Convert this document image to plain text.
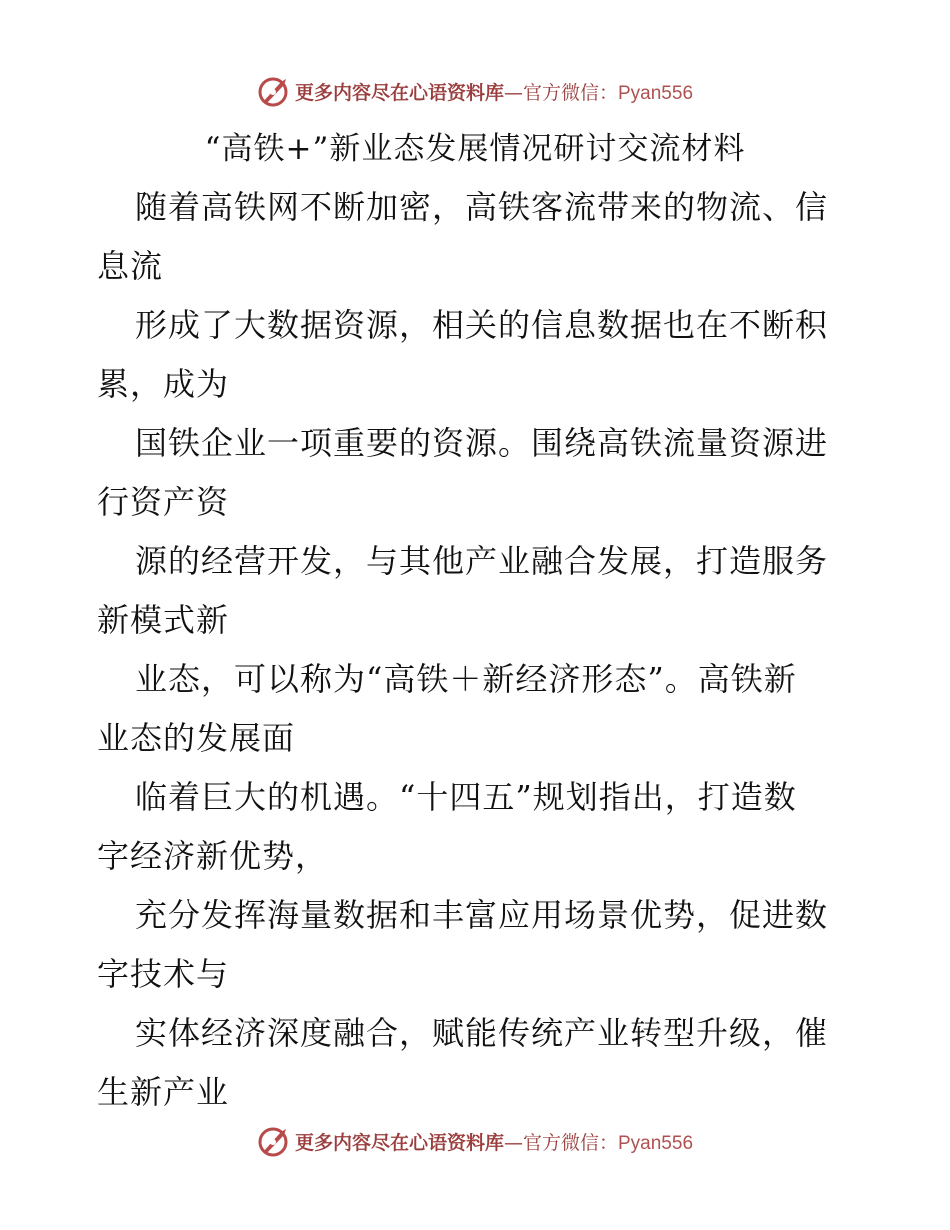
更多内容尽在心语资料库—官方微信：Pyan556
“高铁+”新业态发展情况研讨交流材料
随着高铁网不断加密，高铁客流带来的物流、信
息流
形成了大数据资源，相关的信息数据也在不断积
累，成为
国铁企业一项重要的资源。围绕高铁流量资源进
行资产资
源的经营开发，与其他产业融合发展，打造服务
新模式新
业态，可以称为“高铁＋新经济形态”。高铁新
业态的发展面
临着巨大的机遇。“十四五”规划指出，打造数
字经济新优势，
充分发挥海量数据和丰富应用场景优势，促进数
字技术与
实体经济深度融合，赋能传统产业转型升级，催
生新产业
更多内容尽在心语资料库—官方微信：Pyan556
